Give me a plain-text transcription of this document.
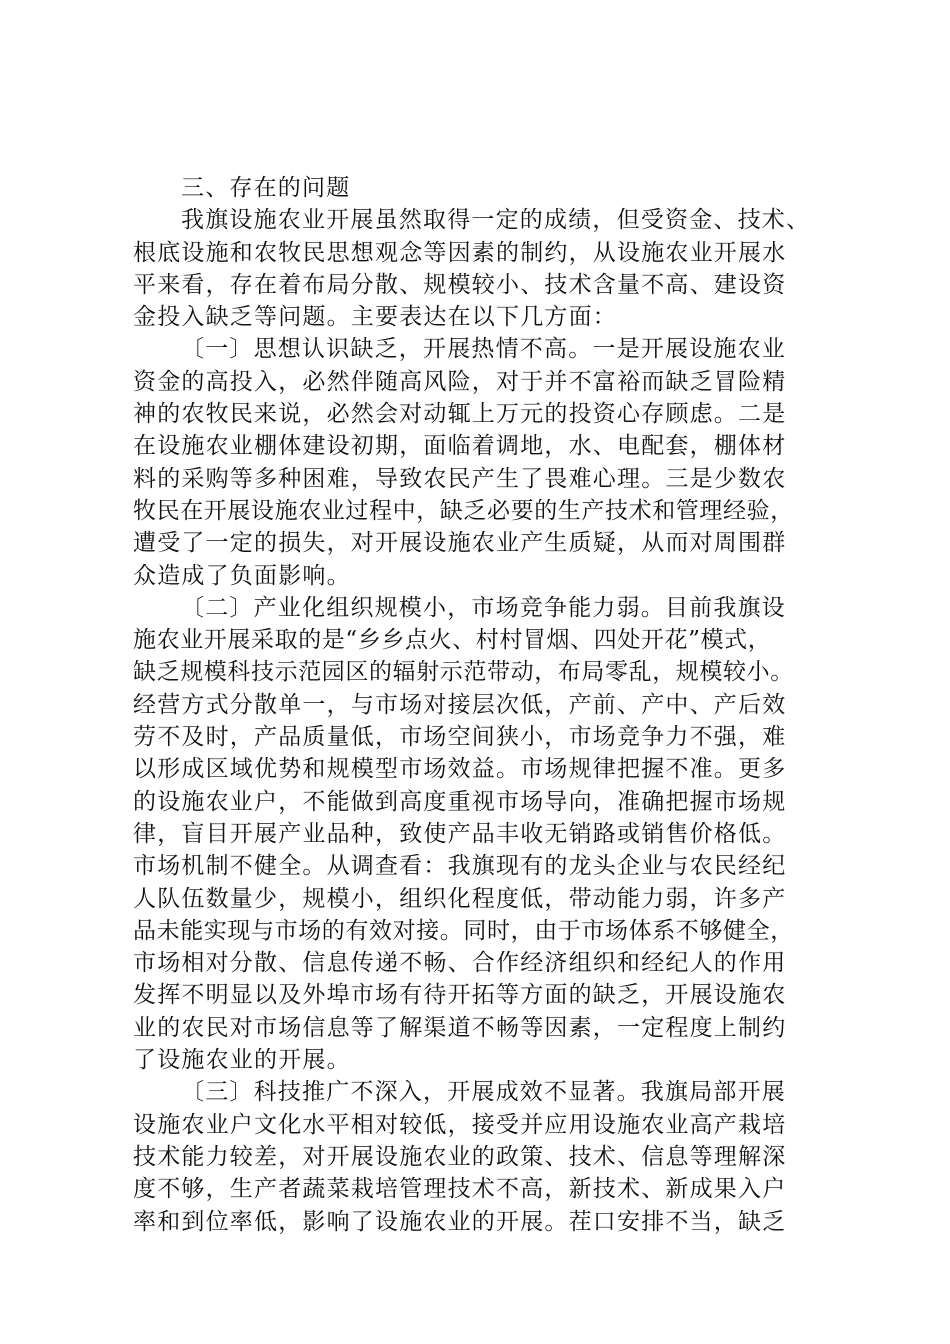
三、存在的问题
我旗设施农业开展虽然取得一定的成绩，但受资金、技术、
根底设施和农牧民思想观念等因素的制约，从设施农业开展水
平来看，存在着布局分散、规模较小、技术含量不高、建设资
金投入缺乏等问题。主要表达在以下几方面：
〔一〕思想认识缺乏，开展热情不高。一是开展设施农业
资金的高投入，必然伴随高风险，对于并不富裕而缺乏冒险精
神的农牧民来说，必然会对动辄上万元的投资心存顾虑。二是
在设施农业棚体建设初期，面临着调地，水、电配套，棚体材
料的采购等多种困难，导致农民产生了畏难心理。三是少数农
牧民在开展设施农业过程中，缺乏必要的生产技术和管理经验，
遭受了一定的损失，对开展设施农业产生质疑，从而对周围群
众造成了负面影响。
〔二〕产业化组织规模小，市场竞争能力弱。目前我旗设
施农业开展采取的是“乡乡点火、村村冒烟、四处开花”模式，
缺乏规模科技示范园区的辐射示范带动，布局零乱，规模较小。
经营方式分散单一，与市场对接层次低，产前、产中、产后效
劳不及时，产品质量低，市场空间狭小，市场竞争力不强，难
以形成区域优势和规模型市场效益。市场规律把握不准。更多
的设施农业户，不能做到高度重视市场导向，准确把握市场规
律，盲目开展产业品种，致使产品丰收无销路或销售价格低。
市场机制不健全。从调查看：我旗现有的龙头企业与农民经纪
人队伍数量少，规模小，组织化程度低，带动能力弱，许多产
品未能实现与市场的有效对接。同时，由于市场体系不够健全，
市场相对分散、信息传递不畅、合作经济组织和经纪人的作用
发挥不明显以及外埠市场有待开拓等方面的缺乏，开展设施农
业的农民对市场信息等了解渠道不畅等因素，一定程度上制约
了设施农业的开展。
〔三〕科技推广不深入，开展成效不显著。我旗局部开展
设施农业户文化水平相对较低，接受并应用设施农业高产栽培
技术能力较差，对开展设施农业的政策、技术、信息等理解深
度不够，生产者蔬菜栽培管理技术不高，新技术、新成果入户
率和到位率低，影响了设施农业的开展。茬口安排不当，缺乏
